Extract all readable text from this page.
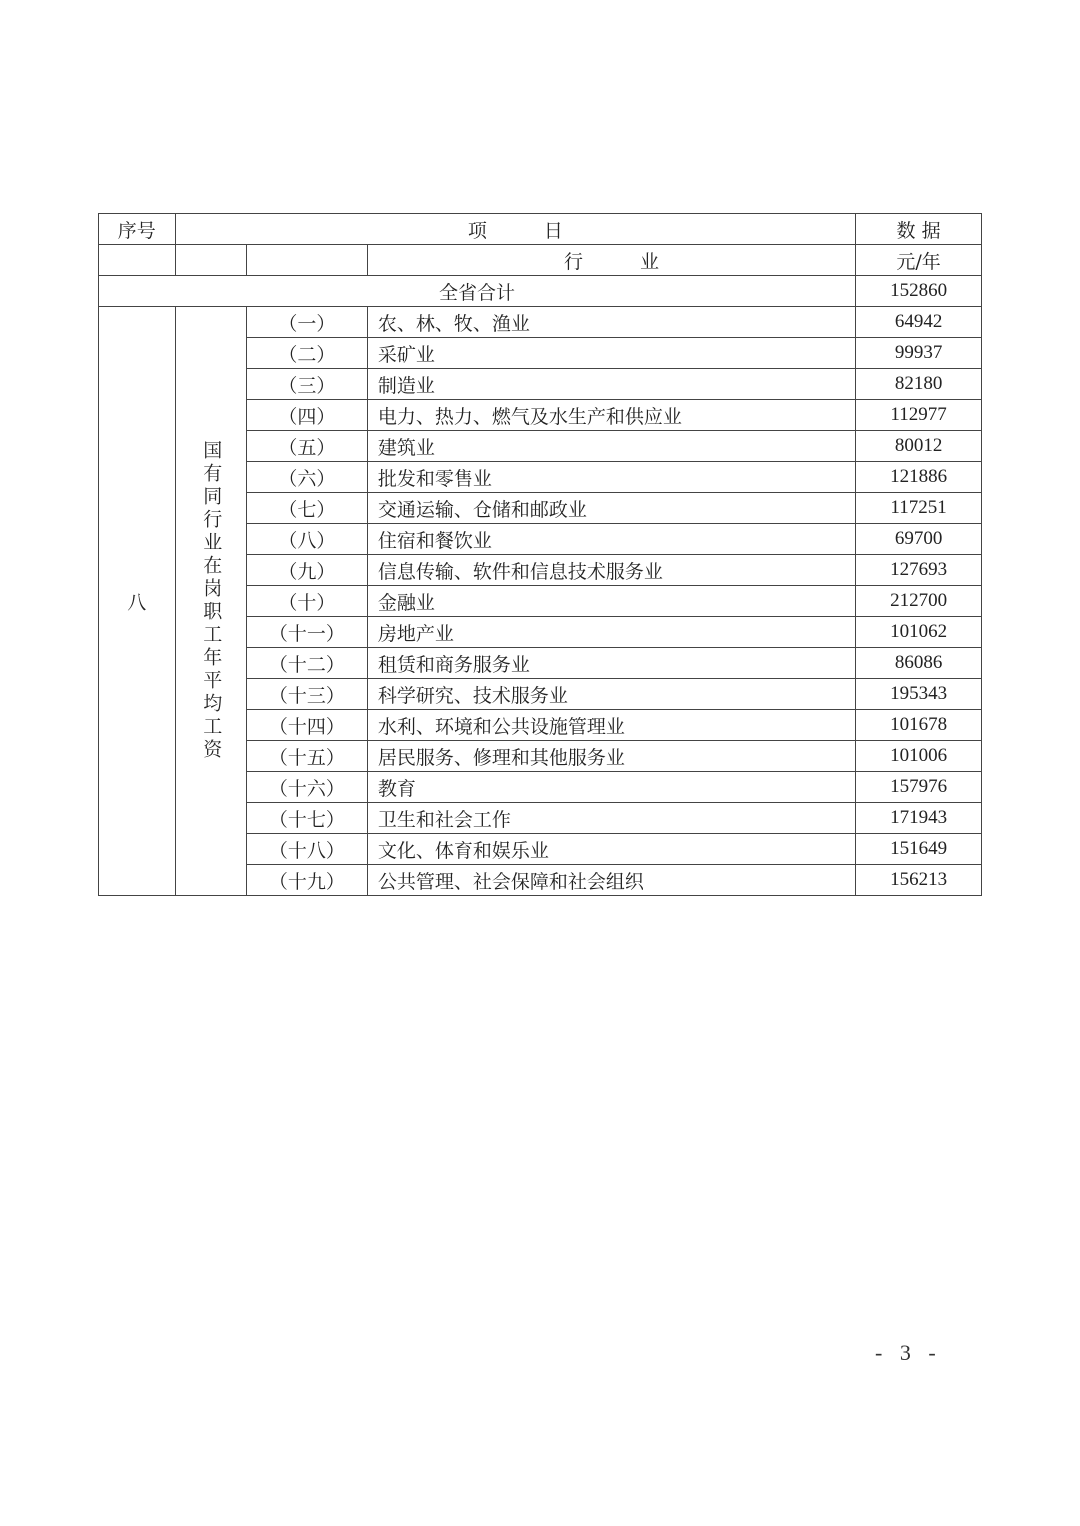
序号	项　　　日			数 据
			行　　　业	元/年
全省合计				152860
八	国有同行业在岗职工年平均工资	（一）	农、林、牧、渔业	64942
		（二）	采矿业	99937
		（三）	制造业	82180
		（四）	电力、热力、燃气及水生产和供应业	112977
		（五）	建筑业	80012
		（六）	批发和零售业	121886
		（七）	交通运输、仓储和邮政业	117251
		（八）	住宿和餐饮业	69700
		（九）	信息传输、软件和信息技术服务业	127693
		（十）	金融业	212700
		（十一）	房地产业	101062
		（十二）	租赁和商务服务业	86086
		（十三）	科学研究、技术服务业	195343
		（十四）	水利、环境和公共设施管理业	101678
		（十五）	居民服务、修理和其他服务业	101006
		（十六）	教育	157976
		（十七）	卫生和社会工作	171943
		（十八）	文化、体育和娱乐业	151649
		（十九）	公共管理、社会保障和社会组织	156213
- 3 -
